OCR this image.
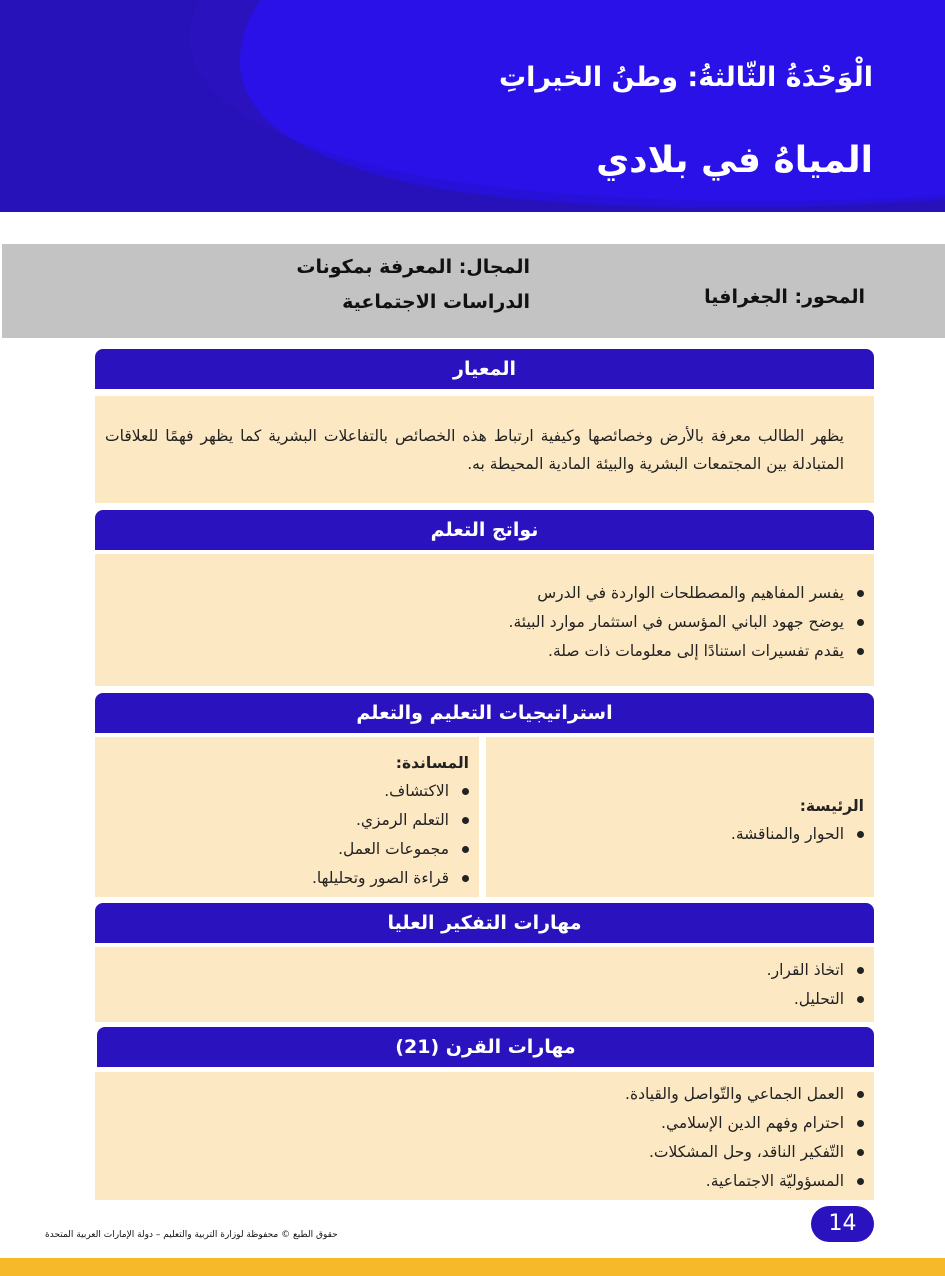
الْوَحْدَةُ الثّالثةُ: وطنُ الخيراتِ
المياهُ في بلادي
المجال: المعرفة بمكونات الدراسات الاجتماعية	المحور: الجغرافيا
المعيار

يظهر الطالب معرفة بالأرض وخصائصها وكيفية ارتباط هذه الخصائص بالتفاعلات البشرية كما يظهر فهمًا للعلاقات المتبادلة بين المجتمعات البشرية والبيئة المادية المحيطة به.

نواتج التعلم
يفسر المفاهيم والمصطلحات الواردة في الدرس
يوضح جهود الباني المؤسس في استثمار موارد البيئة.
يقدم تفسيرات استنادًا إلى معلومات ذات صلة.
استراتيجيات التعليم والتعلم
الرئيسة:
الحوار والمناقشة.
المساندة:
الاكتشاف.
التعلم الرمزي.
مجموعات العمل.
قراءة الصور وتحليلها.
مهارات التفكير العليا
اتخاذ القرار.
التحليل.
مهارات القرن (21)
العمل الجماعي والتّواصل والقيادة.
احترام وفهم الدين الإسلامي.
التّفكير الناقد، وحل المشكلات.
المسؤوليّة الاجتماعية.
14
حقوق الطبع © محفوظة لوزارة التربية والتعليم – دولة الإمارات العربية المتحدة
